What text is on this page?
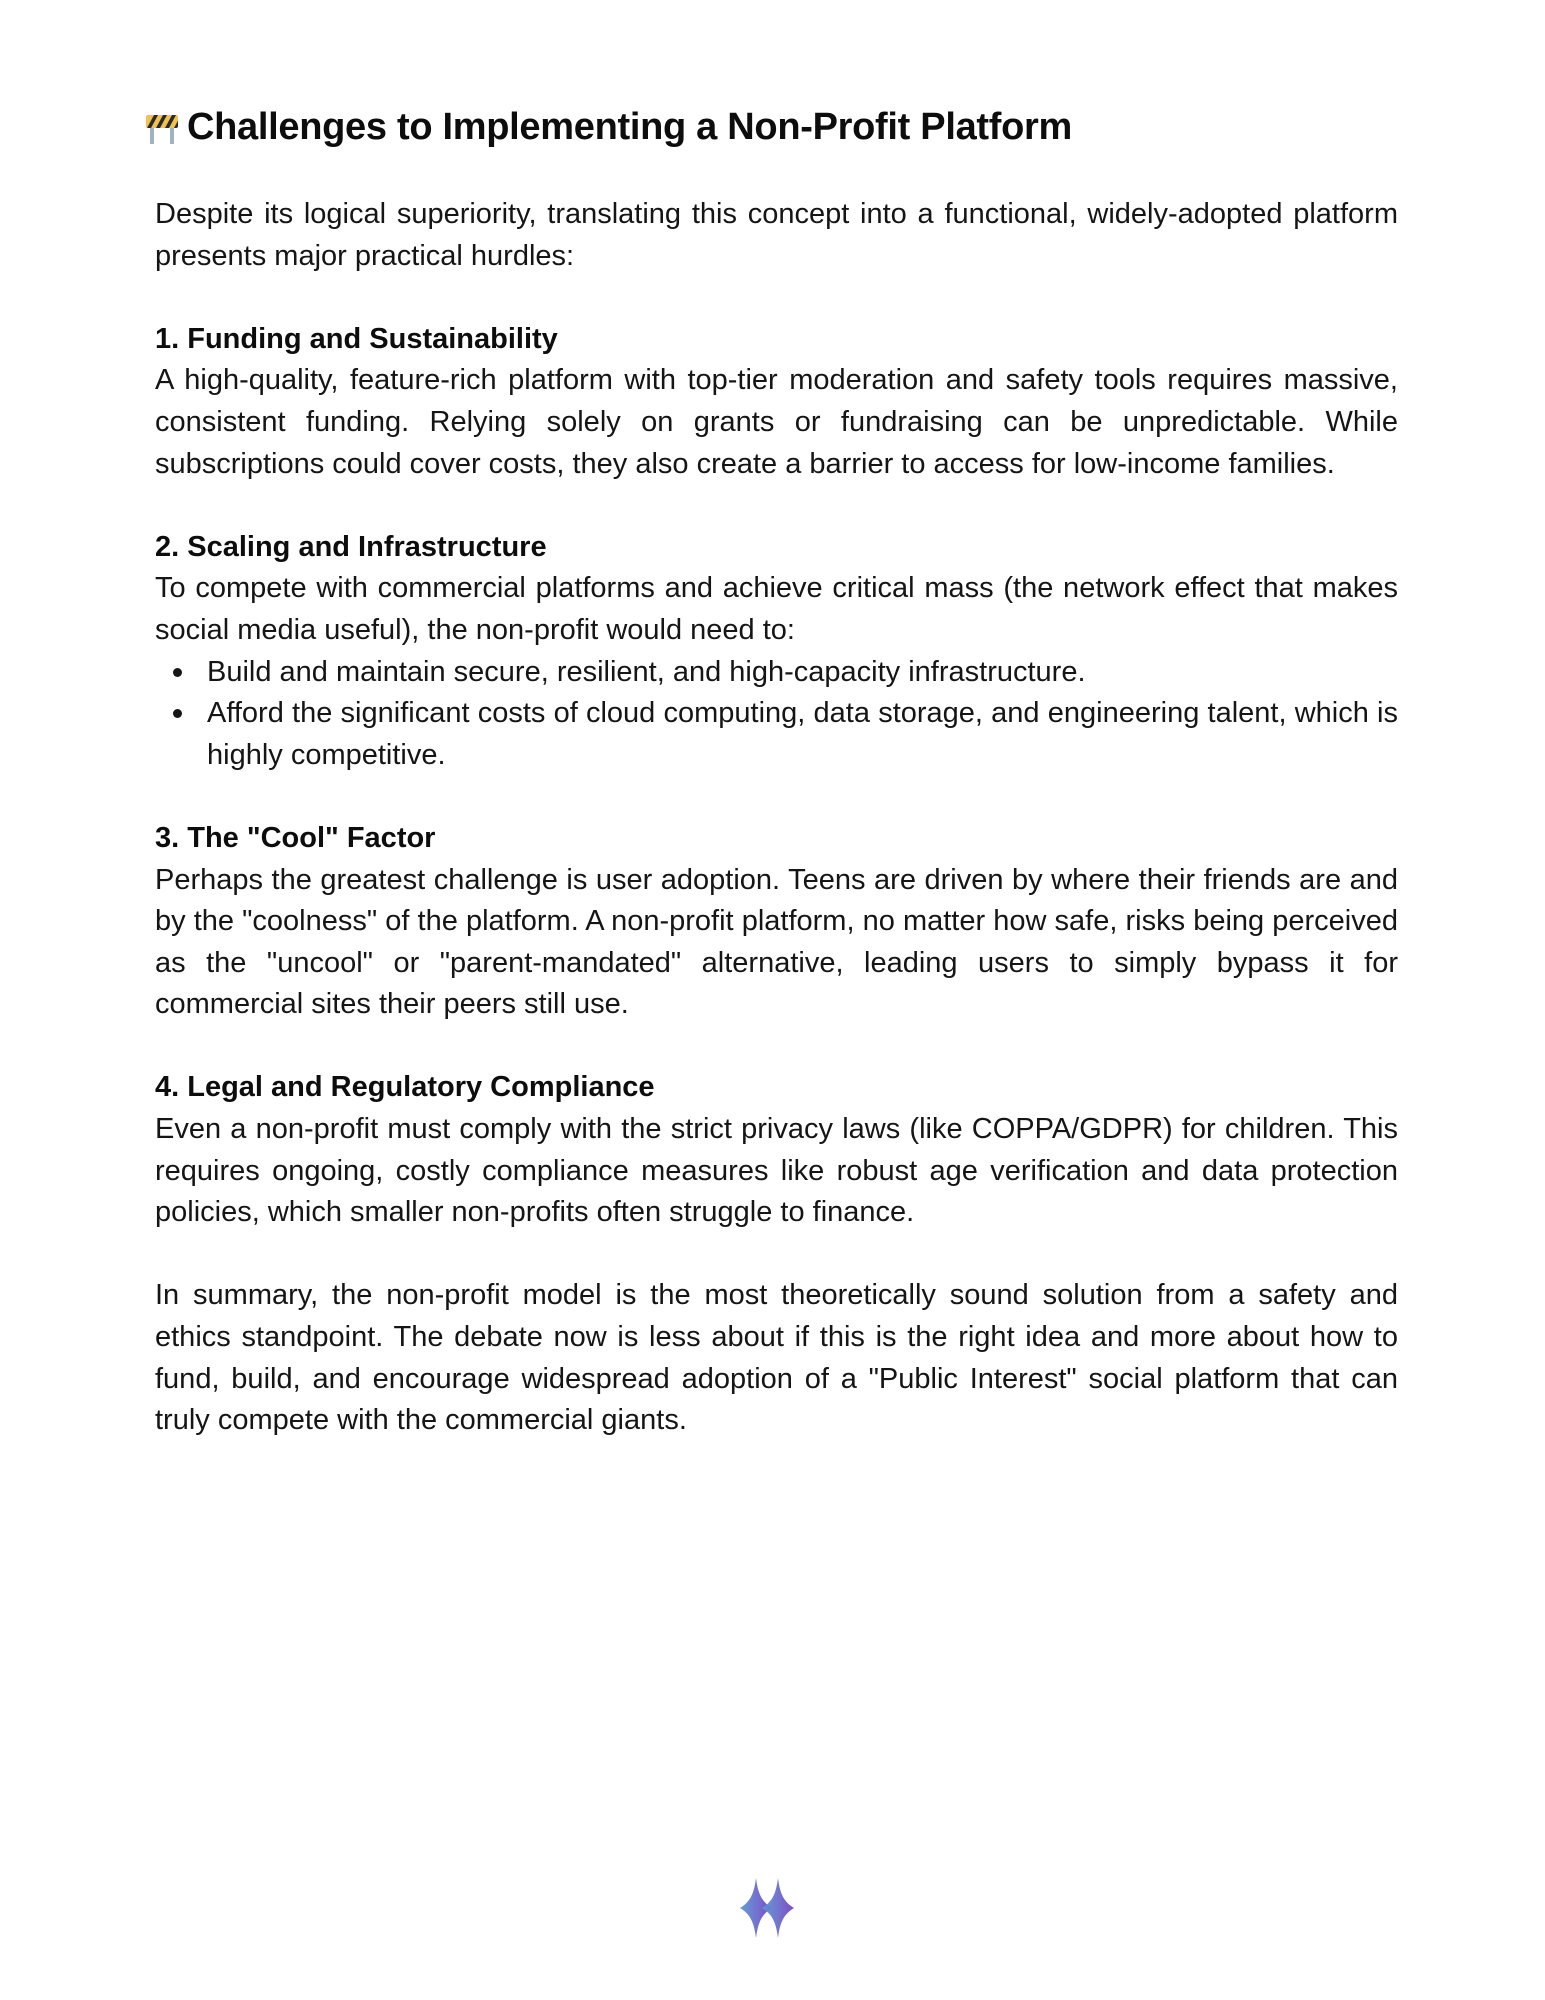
Challenges to Implementing a Non-Profit Platform

Despite its logical superiority, translating this concept into a functional, widely-adopted platform presents major practical hurdles:

1. Funding and Sustainability

A high-quality, feature-rich platform with top-tier moderation and safety tools requires massive, consistent funding. Relying solely on grants or fundraising can be unpredictable. While subscriptions could cover costs, they also create a barrier to access for low-income families.

2. Scaling and Infrastructure

To compete with commercial platforms and achieve critical mass (the network effect that makes social media useful), the non-profit would need to:

Build and maintain secure, resilient, and high-capacity infrastructure.
Afford the significant costs of cloud computing, data storage, and engineering talent, which is highly competitive.
3. The "Cool" Factor

Perhaps the greatest challenge is user adoption. Teens are driven by where their friends are and by the "coolness" of the platform. A non-profit platform, no matter how safe, risks being perceived as the "uncool" or "parent-mandated" alternative, leading users to simply bypass it for commercial sites their peers still use.

4. Legal and Regulatory Compliance

Even a non-profit must comply with the strict privacy laws (like COPPA/GDPR) for children. This requires ongoing, costly compliance measures like robust age verification and data protection policies, which smaller non-profits often struggle to finance.

In summary, the non-profit model is the most theoretically sound solution from a safety and ethics standpoint. The debate now is less about if this is the right idea and more about how to fund, build, and encourage widespread adoption of a "Public Interest" social platform that can truly compete with the commercial giants.
